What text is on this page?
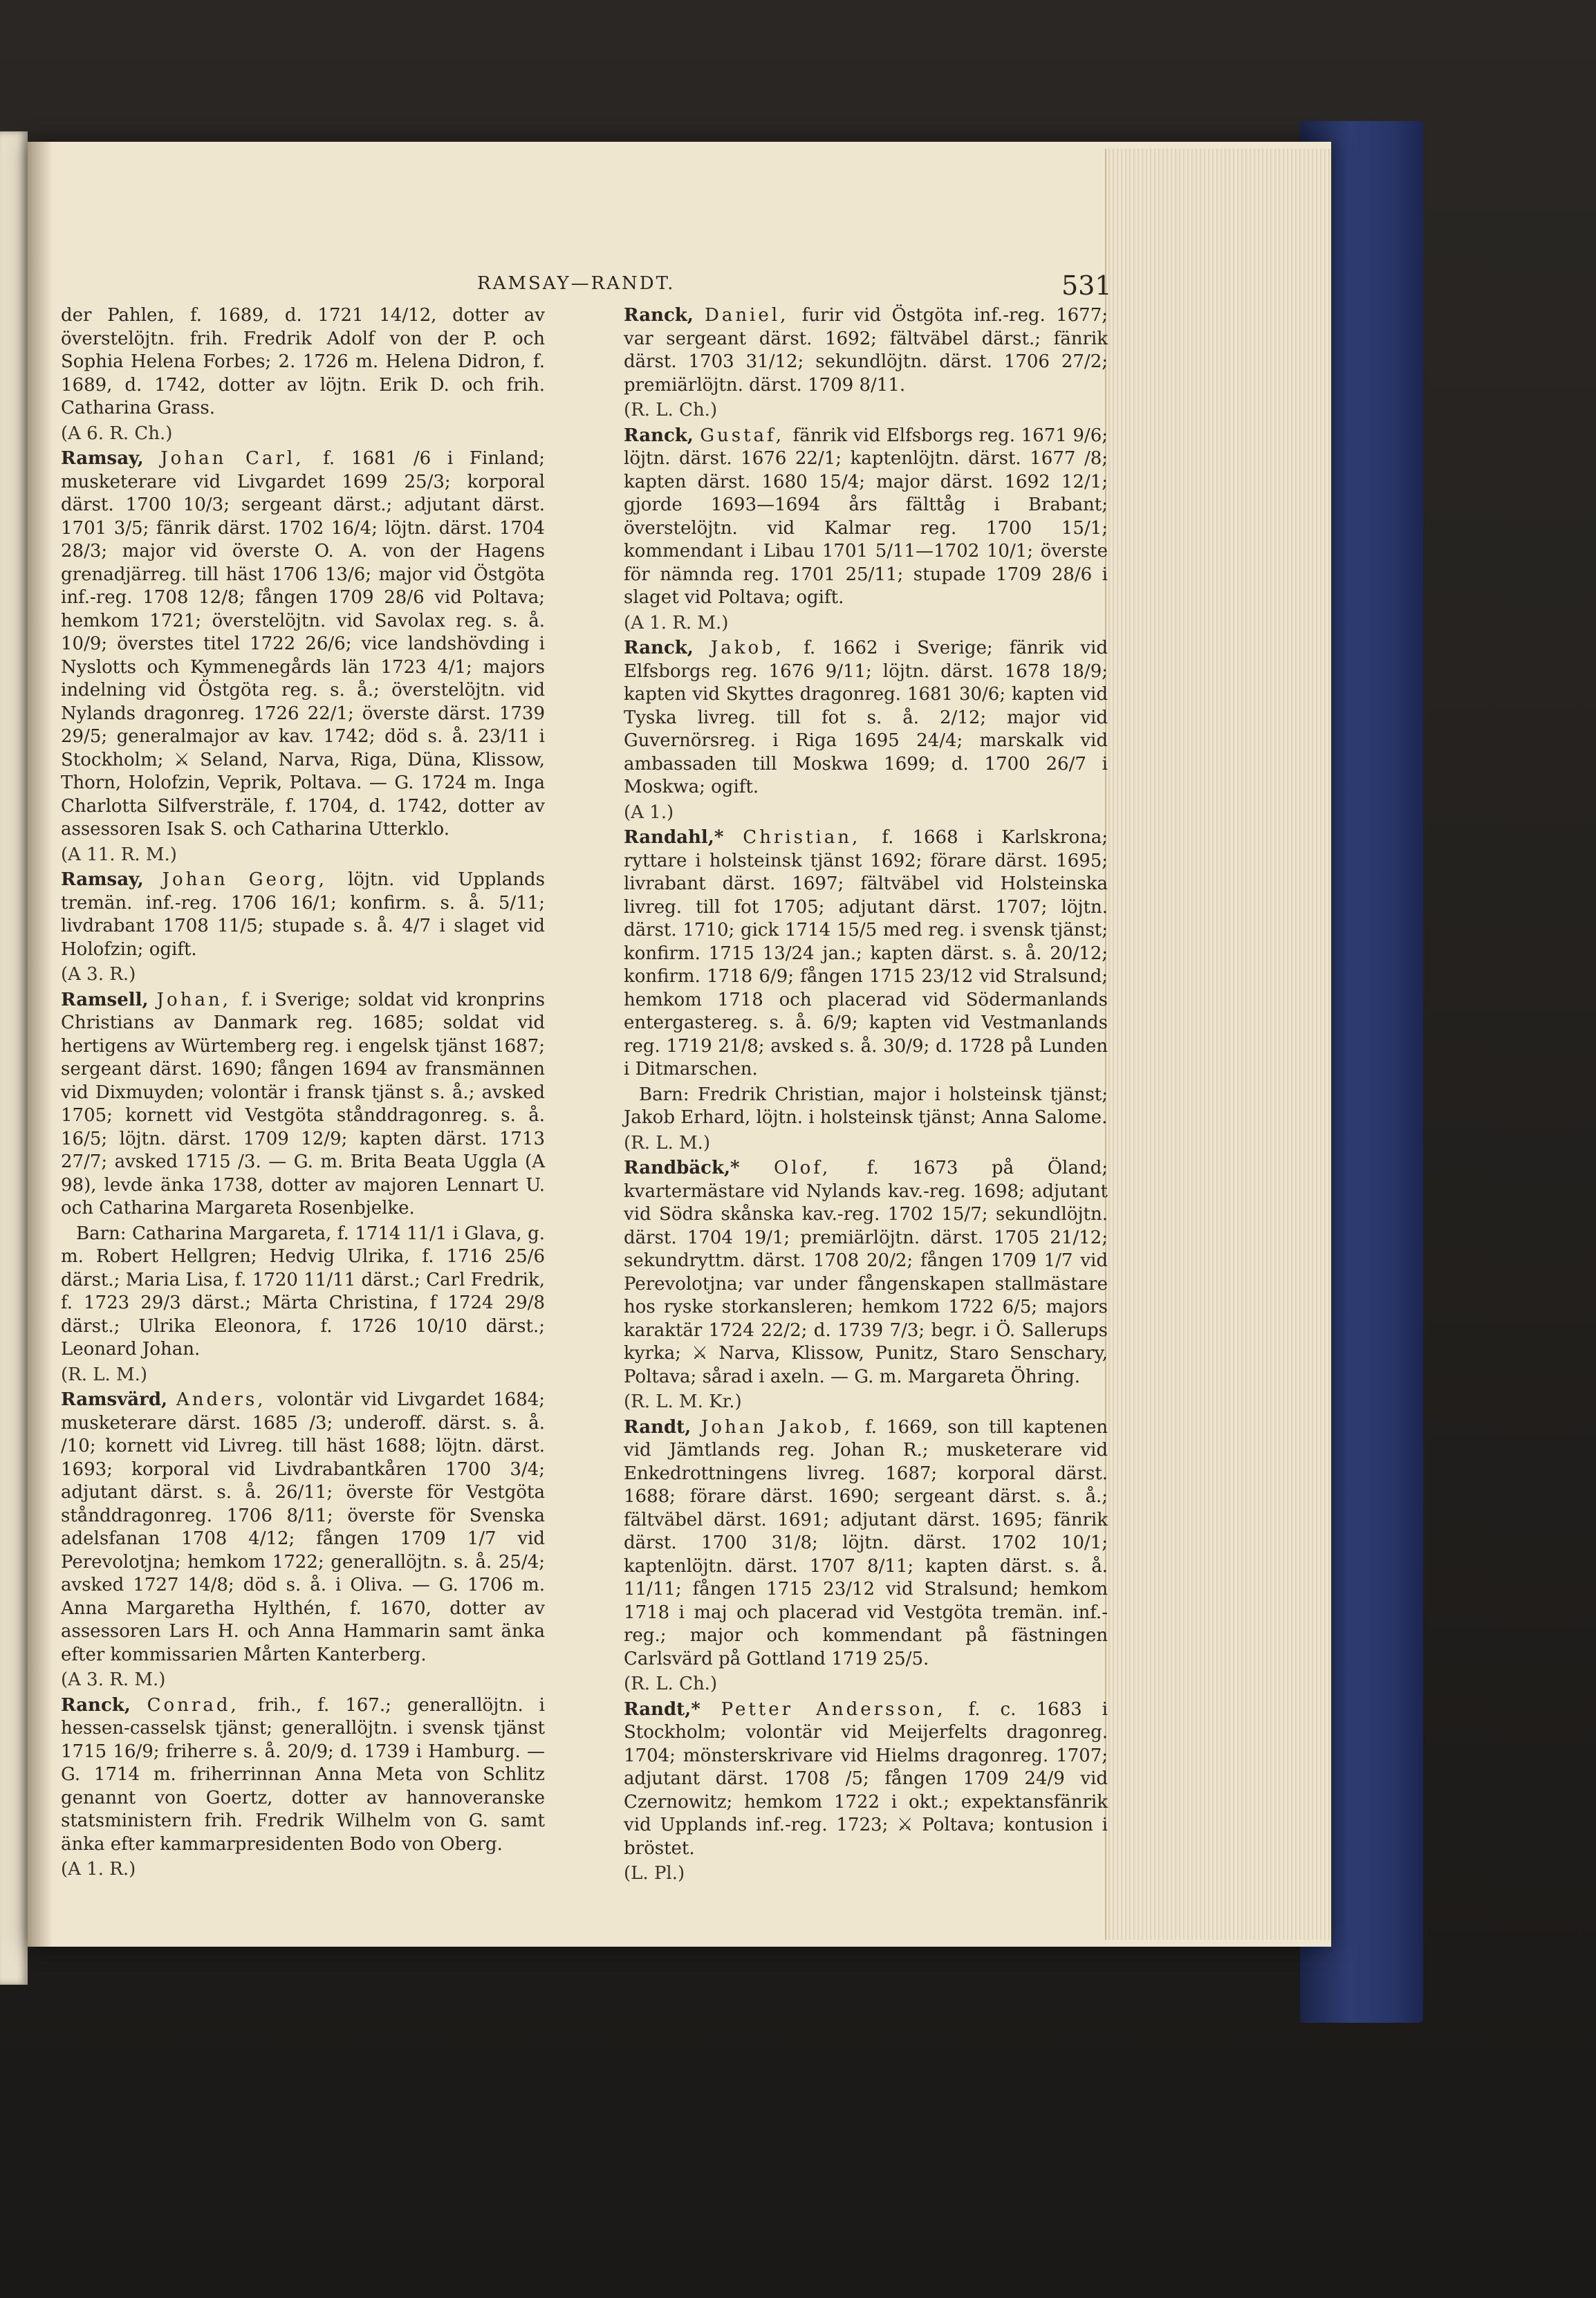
RAMSAY—RANDT.	531

der Pahlen, f. 1689, d. 1721 14/12, dotter av överstelöjtn. frih. Fredrik Adolf von der P. och Sophia Helena Forbes; 2. 1726 m. Helena Didron, f. 1689, d. 1742, dotter av löjtn. Erik D. och frih. Catharina Grass.

(A 6. R. Ch.)

Ramsay, Johan Carl, f. 1681 /6 i Finland; musketerare vid Livgardet 1699 25/3; korporal därst. 1700 10/3; sergeant därst.; adjutant därst. 1701 3/5; fänrik därst. 1702 16/4; löjtn. därst. 1704 28/3; major vid överste O. A. von der Hagens grenadjärreg. till häst 1706 13/6; major vid Östgöta inf.-reg. 1708 12/8; fången 1709 28/6 vid Poltava; hemkom 1721; överstelöjtn. vid Savolax reg. s. å. 10/9; överstes titel 1722 26/6; vice landshövding i Nyslotts och Kymmenegårds län 1723 4/1; majors indelning vid Östgöta reg. s. å.; överstelöjtn. vid Nylands dragonreg. 1726 22/1; överste därst. 1739 29/5; generalmajor av kav. 1742; död s. å. 23/11 i Stockholm; ⚔ Seland, Narva, Riga, Düna, Klissow, Thorn, Holofzin, Veprik, Poltava. — G. 1724 m. Inga Charlotta Silfversträle, f. 1704, d. 1742, dotter av assessoren Isak S. och Catharina Utterklo.

(A 11. R. M.)

Ramsay, Johan Georg, löjtn. vid Upplands tremän. inf.-reg. 1706 16/1; konfirm. s. å. 5/11; livdrabant 1708 11/5; stupade s. å. 4/7 i slaget vid Holofzin; ogift.

(A 3. R.)

Ramsell, Johan, f. i Sverige; soldat vid kronprins Christians av Danmark reg. 1685; soldat vid hertigens av Würtemberg reg. i engelsk tjänst 1687; sergeant därst. 1690; fången 1694 av fransmännen vid Dixmuyden; volontär i fransk tjänst s. å.; avsked 1705; kornett vid Vestgöta stånddragonreg. s. å. 16/5; löjtn. därst. 1709 12/9; kapten därst. 1713 27/7; avsked 1715 /3. — G. m. Brita Beata Uggla (A 98), levde änka 1738, dotter av majoren Lennart U. och Catharina Margareta Rosenbjelke.

Barn: Catharina Margareta, f. 1714 11/1 i Glava, g. m. Robert Hellgren; Hedvig Ulrika, f. 1716 25/6 därst.; Maria Lisa, f. 1720 11/11 därst.; Carl Fredrik, f. 1723 29/3 därst.; Märta Christina, f 1724 29/8 därst.; Ulrika Eleonora, f. 1726 10/10 därst.; Leonard Johan.

(R. L. M.)

Ramsvärd, Anders, volontär vid Livgardet 1684; musketerare därst. 1685 /3; underoff. därst. s. å. /10; kornett vid Livreg. till häst 1688; löjtn. därst. 1693; korporal vid Livdrabantkåren 1700 3/4; adjutant därst. s. å. 26/11; överste för Vestgöta stånddragonreg. 1706 8/11; överste för Svenska adelsfanan 1708 4/12; fången 1709 1/7 vid Perevolotjna; hemkom 1722; generallöjtn. s. å. 25/4; avsked 1727 14/8; död s. å. i Oliva. — G. 1706 m. Anna Margaretha Hylthén, f. 1670, dotter av assessoren Lars H. och Anna Hammarin samt änka efter kommissarien Mårten Kanterberg.

(A 3. R. M.)

Ranck, Conrad, frih., f. 167.; generallöjtn. i hessen-casselsk tjänst; generallöjtn. i svensk tjänst 1715 16/9; friherre s. å. 20/9; d. 1739 i Hamburg. — G. 1714 m. friherrinnan Anna Meta von Schlitz genannt von Goertz, dotter av hannoveranske statsministern frih. Fredrik Wilhelm von G. samt änka efter kammarpresidenten Bodo von Oberg.

(A 1. R.)

Ranck, Daniel, furir vid Östgöta inf.-reg. 1677; var sergeant därst. 1692; fältväbel därst.; fänrik därst. 1703 31/12; sekundlöjtn. därst. 1706 27/2; premiärlöjtn. därst. 1709 8/11.

(R. L. Ch.)

Ranck, Gustaf, fänrik vid Elfsborgs reg. 1671 9/6; löjtn. därst. 1676 22/1; kaptenlöjtn. därst. 1677 /8; kapten därst. 1680 15/4; major därst. 1692 12/1; gjorde 1693—1694 års fälttåg i Brabant; överstelöjtn. vid Kalmar reg. 1700 15/1; kommendant i Libau 1701 5/11—1702 10/1; överste för nämnda reg. 1701 25/11; stupade 1709 28/6 i slaget vid Poltava; ogift.

(A 1. R. M.)

Ranck, Jakob, f. 1662 i Sverige; fänrik vid Elfsborgs reg. 1676 9/11; löjtn. därst. 1678 18/9; kapten vid Skyttes dragonreg. 1681 30/6; kapten vid Tyska livreg. till fot s. å. 2/12; major vid Guvernörsreg. i Riga 1695 24/4; marskalk vid ambassaden till Moskwa 1699; d. 1700 26/7 i Moskwa; ogift.

(A 1.)

Randahl,* Christian, f. 1668 i Karlskrona; ryttare i holsteinsk tjänst 1692; förare därst. 1695; livrabant därst. 1697; fältväbel vid Holsteinska livreg. till fot 1705; adjutant därst. 1707; löjtn. därst. 1710; gick 1714 15/5 med reg. i svensk tjänst; konfirm. 1715 13/24 jan.; kapten därst. s. å. 20/12; konfirm. 1718 6/9; fången 1715 23/12 vid Stralsund; hemkom 1718 och placerad vid Södermanlands entergastereg. s. å. 6/9; kapten vid Vestmanlands reg. 1719 21/8; avsked s. å. 30/9; d. 1728 på Lunden i Ditmarschen.

Barn: Fredrik Christian, major i holsteinsk tjänst; Jakob Erhard, löjtn. i holsteinsk tjänst; Anna Salome.

(R. L. M.)

Randbäck,* Olof, f. 1673 på Öland; kvartermästare vid Nylands kav.-reg. 1698; adjutant vid Södra skånska kav.-reg. 1702 15/7; sekundlöjtn. därst. 1704 19/1; premiärlöjtn. därst. 1705 21/12; sekundryttm. därst. 1708 20/2; fången 1709 1/7 vid Perevolotjna; var under fångenskapen stallmästare hos ryske storkansleren; hemkom 1722 6/5; majors karaktär 1724 22/2; d. 1739 7/3; begr. i Ö. Sallerups kyrka; ⚔ Narva, Klissow, Punitz, Staro Senschary, Poltava; sårad i axeln. — G. m. Margareta Öhring.

(R. L. M. Kr.)

Randt, Johan Jakob, f. 1669, son till kaptenen vid Jämtlands reg. Johan R.; musketerare vid Enkedrottningens livreg. 1687; korporal därst. 1688; förare därst. 1690; sergeant därst. s. å.; fältväbel därst. 1691; adjutant därst. 1695; fänrik därst. 1700 31/8; löjtn. därst. 1702 10/1; kaptenlöjtn. därst. 1707 8/11; kapten därst. s. å. 11/11; fången 1715 23/12 vid Stralsund; hemkom 1718 i maj och placerad vid Vestgöta tremän. inf.-reg.; major och kommendant på fästningen Carlsvärd på Gottland 1719 25/5.

(R. L. Ch.)

Randt,* Petter Andersson, f. c. 1683 i Stockholm; volontär vid Meijerfelts dragonreg. 1704; mönsterskrivare vid Hielms dragonreg. 1707; adjutant därst. 1708 /5; fången 1709 24/9 vid Czernowitz; hemkom 1722 i okt.; expektansfänrik vid Upplands inf.-reg. 1723; ⚔ Poltava; kontusion i bröstet.

(L. Pl.)
